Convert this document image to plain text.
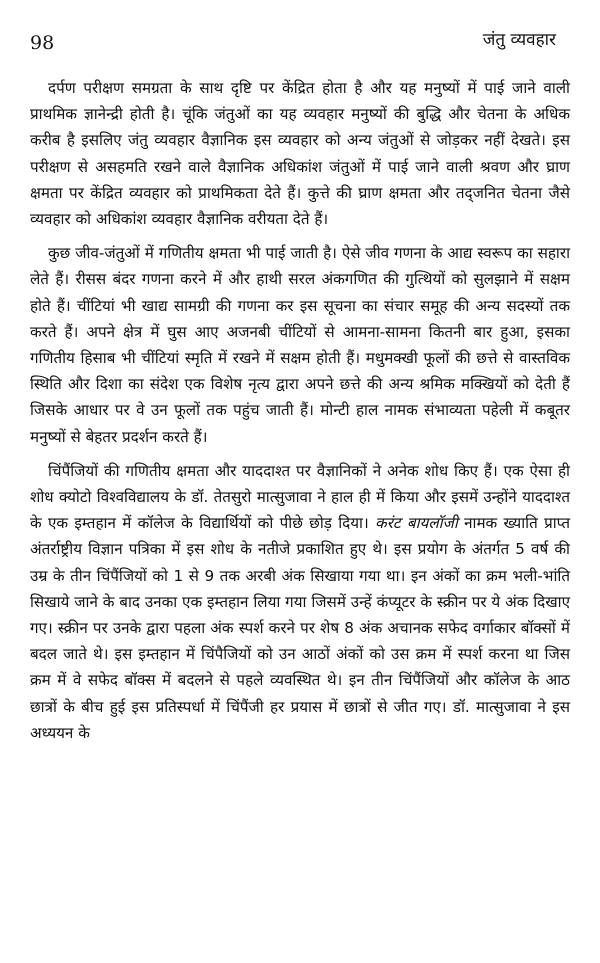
98	जंतु व्यवहार

दर्पण परीक्षण समग्रता के साथ दृष्टि पर केंद्रित होता है और यह मनुष्यों में पाई जाने वाली प्राथमिक ज्ञानेन्द्री होती है। चूंकि जंतुओं का यह व्यवहार मनुष्यों की बुद्धि और चेतना के अधिक करीब है इसलिए जंतु व्यवहार वैज्ञानिक इस व्यवहार को अन्य जंतुओं से जोड़कर नहीं देखते। इस परीक्षण से असहमति रखने वाले वैज्ञानिक अधिकांश जंतुओं में पाई जाने वाली श्रवण और घ्राण क्षमता पर केंद्रित व्यवहार को प्राथमिकता देते हैं। कुत्ते की घ्राण क्षमता और तद्‌जनित चेतना जैसे व्यवहार को अधिकांश व्यवहार वैज्ञानिक वरीयता देते हैं।

कुछ जीव-जंतुओं में गणितीय क्षमता भी पाई जाती है। ऐसे जीव गणना के आद्य स्वरूप का सहारा लेते हैं। रीसस बंदर गणना करने में और हाथी सरल अंकगणित की गुत्थियों को सुलझाने में सक्षम होते हैं। चींटियां भी खाद्य सामग्री की गणना कर इस सूचना का संचार समूह की अन्य सदस्यों तक करते हैं। अपने क्षेत्र में घुस आए अजनबी चींटियों से आमना-सामना कितनी बार हुआ, इसका गणितीय हिसाब भी चींटियां स्मृति में रखने में सक्षम होती हैं। मधुमक्खी फूलों की छत्ते से वास्तविक स्थिति और दिशा का संदेश एक विशेष नृत्य द्वारा अपने छत्ते की अन्य श्रमिक मक्खियों को देती हैं जिसके आधार पर वे उन फूलों तक पहुंच जाती हैं। मोन्टी हाल नामक संभाव्यता पहेली में कबूतर मनुष्यों से बेहतर प्रदर्शन करते हैं।

चिंपैंजियों की गणितीय क्षमता और याददाश्त पर वैज्ञानिकों ने अनेक शोध किए हैं। एक ऐसा ही शोध क्योटो विश्वविद्यालय के डॉ. तेतसुरो मात्सुजावा ने हाल ही में किया और इसमें उन्होंने याददाश्त के एक इम्तहान में कॉलेज के विद्यार्थियों को पीछे छोड़ दिया। करंट बायलॉजी नामक ख्याति प्राप्त अंतर्राष्ट्रीय विज्ञान पत्रिका में इस शोध के नतीजे प्रकाशित हुए थे। इस प्रयोग के अंतर्गत 5 वर्ष की उम्र के तीन चिंपैंजियों को 1 से 9 तक अरबी अंक सिखाया गया था। इन अंकों का क्रम भली-भांति सिखाये जाने के बाद उनका एक इम्तहान लिया गया जिसमें उन्हें कंप्यूटर के स्क्रीन पर ये अंक दिखाए गए। स्क्रीन पर उनके द्वारा पहला अंक स्पर्श करने पर शेष 8 अंक अचानक सफेद वर्गाकार बॉक्सों में बदल जाते थे। इस इम्तहान में चिंपैजियों को उन आठों अंकों को उस क्रम में स्पर्श करना था जिस क्रम में वे सफेद बॉक्स में बदलने से पहले व्यवस्थित थे। इन तीन चिंपैंजियों और कॉलेज के आठ छात्रों के बीच हुई इस प्रतिस्पर्धा में चिंपैंजी हर प्रयास में छात्रों से जीत गए। डॉ. मात्सुजावा ने इस अध्ययन के
